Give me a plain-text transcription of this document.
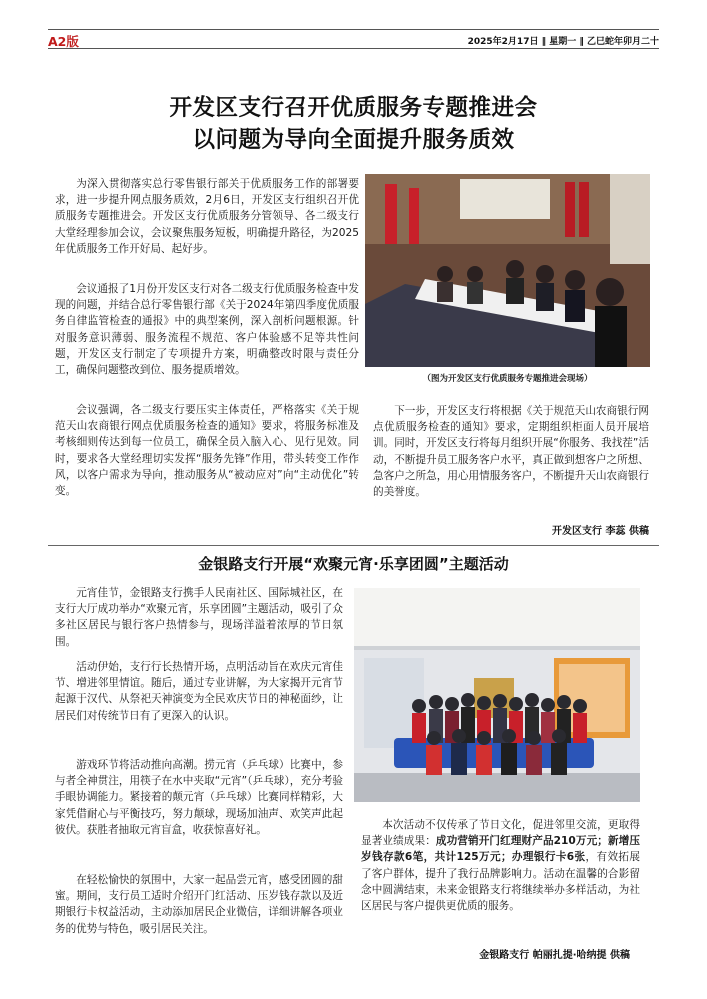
A2版	2025年2月17日 ‖ 星期一 ‖ 乙巳蛇年卯月二十
开发区支行召开优质服务专题推进会
以问题为导向全面提升服务质效
为深入贯彻落实总行零售银行部关于优质服务工作的部署要求，进一步提升网点服务质效，2月6日，开发区支行组织召开优质服务专题推进会。开发区支行优质服务分管领导、各二级支行大堂经理参加会议，会议聚焦服务短板，明确提升路径，为2025年优质服务工作开好局、起好步。
会议通报了1月份开发区支行对各二级支行优质服务检查中发现的问题，并结合总行零售银行部《关于2024年第四季度优质服务自律监管检查的通报》中的典型案例，深入剖析问题根源。针对服务意识薄弱、服务流程不规范、客户体验感不足等共性问题，开发区支行制定了专项提升方案，明确整改时限与责任分工，确保问题整改到位、服务提质增效。
会议强调，各二级支行要压实主体责任，严格落实《关于规范天山农商银行网点优质服务检查的通知》要求，将服务标准及考核细则传达到每一位员工，确保全员入脑入心、见行见效。同时，要求各大堂经理切实发挥“服务先锋”作用，带头转变工作作风，以客户需求为导向，推动服务从“被动应对”向“主动优化”转变。
（图为开发区支行优质服务专题推进会现场）
下一步，开发区支行将根据《关于规范天山农商银行网点优质服务检查的通知》要求，定期组织柜面人员开展培训。同时，开发区支行将每月组织开展“你服务、我找茬”活动，不断提升员工服务客户水平，真正做到想客户之所想、急客户之所急，用心用情服务客户，不断提升天山农商银行的美誉度。
开发区支行 李蕊 供稿
金银路支行开展“欢聚元宵·乐享团圆”主题活动
元宵佳节，金银路支行携手人民南社区、国际城社区，在支行大厅成功举办“欢聚元宵，乐享团圆”主题活动，吸引了众多社区居民与银行客户热情参与，现场洋溢着浓厚的节日氛围。
活动伊始，支行行长热情开场，点明活动旨在欢庆元宵佳节、增进邻里情谊。随后，通过专业讲解，为大家揭开元宵节起源于汉代、从祭祀天神演变为全民欢庆节日的神秘面纱，让居民们对传统节日有了更深入的认识。
游戏环节将活动推向高潮。捞元宵（乒乓球）比赛中，参与者全神贯注，用筷子在水中夹取“元宵”（乒乓球），充分考验手眼协调能力。紧接着的颠元宵（乒乓球）比赛同样精彩，大家凭借耐心与平衡技巧，努力颠球，现场加油声、欢笑声此起彼伏。获胜者抽取元宵盲盒，收获惊喜好礼。
在轻松愉快的氛围中，大家一起品尝元宵，感受团圆的甜蜜。期间，支行员工适时介绍开门红活动、压岁钱存款以及近期银行卡权益活动，主动添加居民企业微信，详细讲解各项业务的优势与特色，吸引居民关注。
本次活动不仅传承了节日文化，促进邻里交流，更取得显著业绩成果：成功营销开门红理财产品210万元；新增压岁钱存款6笔，共计125万元；办理银行卡6张，有效拓展了客户群体，提升了我行品牌影响力。活动在温馨的合影留念中圆满结束，未来金银路支行将继续举办多样活动，为社区居民与客户提供更优质的服务。
金银路支行 帕丽扎提·哈纳提 供稿
